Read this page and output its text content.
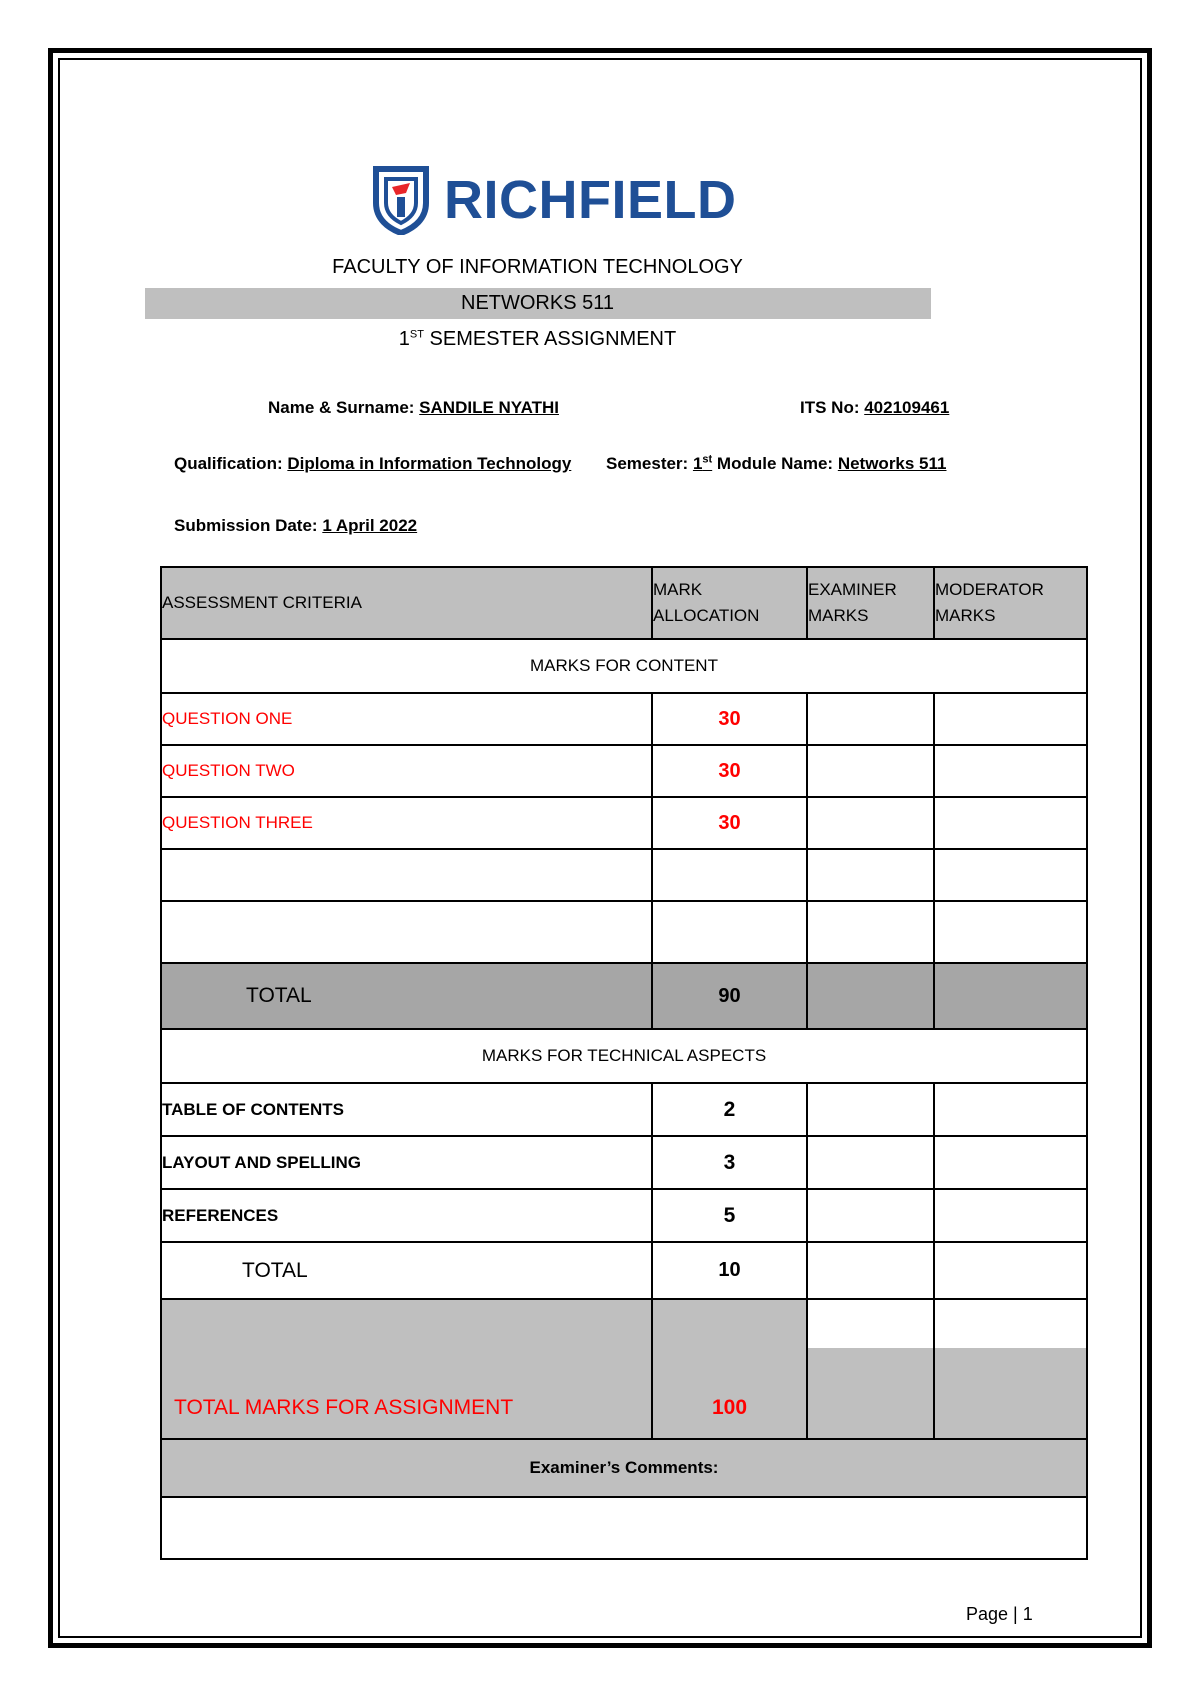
RICHFIELD
FACULTY OF INFORMATION TECHNOLOGY
NETWORKS 511
1ST SEMESTER ASSIGNMENT
Name & Surname: SANDILE NYATHI	ITS No: 402109461
Qualification: Diploma in Information Technology Semester: 1st Module Name: Networks 511
Submission Date: 1 April 2022
ASSESSMENT CRITERIA	MARK ALLOCATION	EXAMINER MARKS	MODERATOR MARKS
MARKS FOR CONTENT			
QUESTION ONE	30		
QUESTION TWO	30		
QUESTION THREE	30		

TOTAL	90		
MARKS FOR TECHNICAL ASPECTS			
TABLE OF CONTENTS	2		
LAYOUT AND SPELLING	3		
REFERENCES	5		
TOTAL	10		
TOTAL MARKS FOR ASSIGNMENT	100		
Examiner’s Comments:			

Page | 1
